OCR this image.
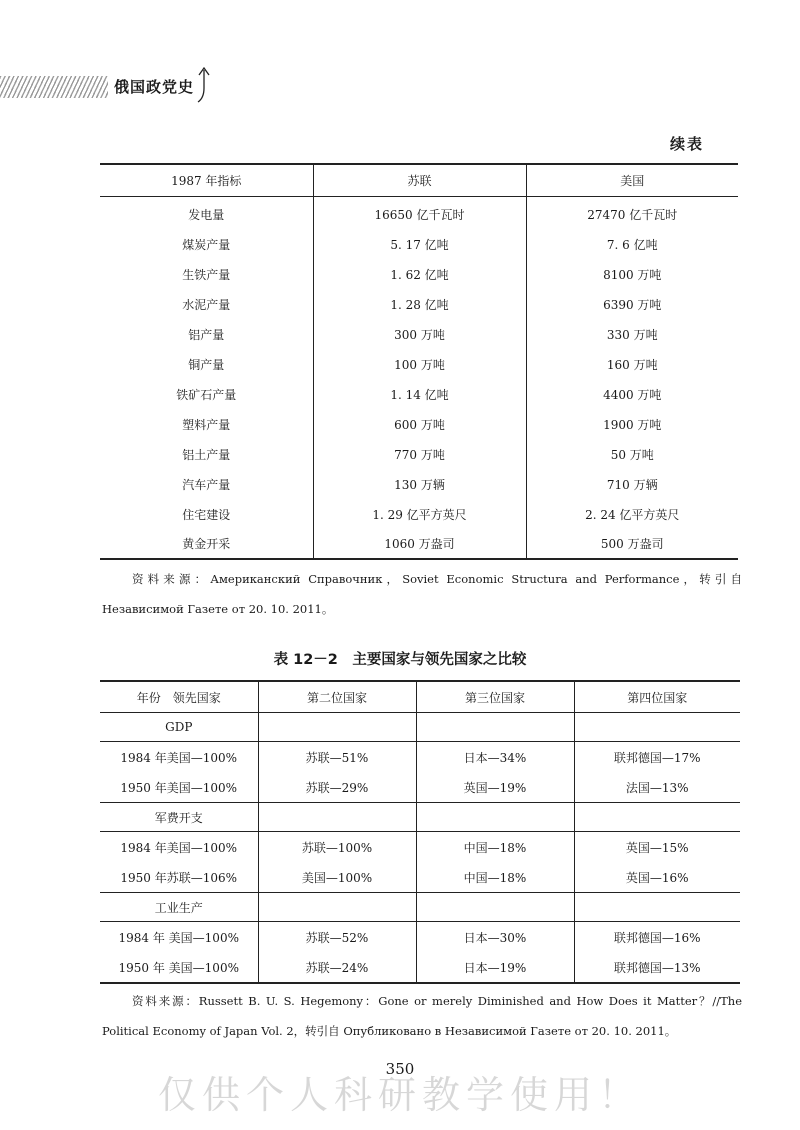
俄国政党史
续表
1987 年指标	苏联	美国
发电量	16650 亿千瓦时	27470 亿千瓦时
煤炭产量	5. 17 亿吨	7. 6 亿吨
生铁产量	1. 62 亿吨	8100 万吨
水泥产量	1. 28 亿吨	6390 万吨
铝产量	300 万吨	330 万吨
铜产量	100 万吨	160 万吨
铁矿石产量	1. 14 亿吨	4400 万吨
塑料产量	600 万吨	1900 万吨
铝土产量	770 万吨	50 万吨
汽车产量	130 万辆	710 万辆
住宅建设	1. 29 亿平方英尺	2. 24 亿平方英尺
黄金开采	1060 万盎司	500 万盎司
资料来源：Американский Справочник，Soviet Economic Structura and Performance，转引自 Независимой Газете от 20. 10. 2011。
表 12－2　主要国家与领先国家之比较
年份　领先国家	第二位国家	第三位国家	第四位国家
GDP			
1984 年美国—100%	苏联—51%	日本—34%	联邦德国—17%
1950 年美国—100%	苏联—29%	英国—19%	法国—13%
军费开支			
1984 年美国—100%	苏联—100%	中国—18%	英国—15%
1950 年苏联—106%	美国—100%	中国—18%	英国—16%
工业生产			
1984 年 美国—100%	苏联—52%	日本—30%	联邦德国—16%
1950 年 美国—100%	苏联—24%	日本—19%	联邦德国—13%
资料来源：Russett B. U. S. Hegemony：Gone or merely Diminished and How Does it Matter？//The Political Economy of Japan Vol. 2，转引自 Опубликовано в Независимой Газете от 20. 10. 2011。
350
仅供个人科研教学使用！
